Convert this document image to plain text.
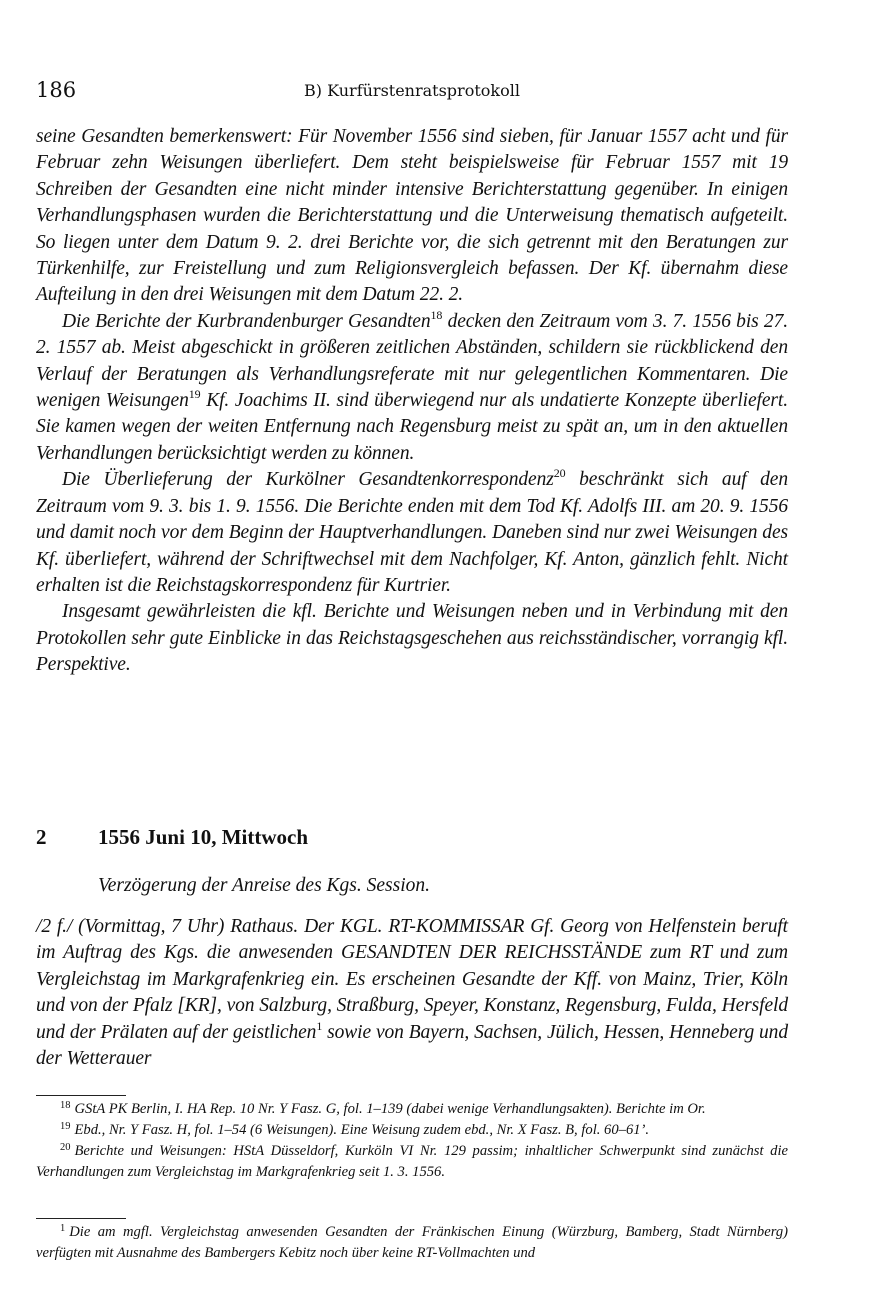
186	B) Kurfürstenratsprotokoll

seine Gesandten bemerkenswert: Für November 1556 sind sieben, für Januar 1557 acht und für Februar zehn Weisungen überliefert. Dem steht beispielsweise für Februar 1557 mit 19 Schreiben der Gesandten eine nicht minder intensive Berichterstattung gegenüber. In einigen Verhandlungsphasen wurden die Berichterstattung und die Unterweisung thematisch aufgeteilt. So liegen unter dem Datum 9. 2. drei Berichte vor, die sich getrennt mit den Beratungen zur Türkenhilfe, zur Freistellung und zum Religionsvergleich befassen. Der Kf. übernahm diese Aufteilung in den drei Weisungen mit dem Datum 22. 2.

Die Berichte der Kurbrandenburger Gesandten$^{18}$ decken den Zeitraum vom 3. 7. 1556 bis 27. 2. 1557 ab. Meist abgeschickt in größeren zeitlichen Abständen, schildern sie rückblickend den Verlauf der Beratungen als Verhandlungsreferate mit nur gelegentlichen Kommentaren. Die wenigen Weisungen$^{19}$ Kf. Joachims II. sind überwiegend nur als undatierte Konzepte überliefert. Sie kamen wegen der weiten Entfernung nach Regensburg meist zu spät an, um in den aktuellen Verhandlungen berücksichtigt werden zu können.

Die Überlieferung der Kurkölner Gesandtenkorrespondenz$^{20}$ beschränkt sich auf den Zeitraum vom 9. 3. bis 1. 9. 1556. Die Berichte enden mit dem Tod Kf. Adolfs III. am 20. 9. 1556 und damit noch vor dem Beginn der Hauptverhandlungen. Daneben sind nur zwei Weisungen des Kf. überliefert, während der Schriftwechsel mit dem Nachfolger, Kf. Anton, gänzlich fehlt. Nicht erhalten ist die Reichstagskorrespondenz für Kurtrier.

Insgesamt gewährleisten die kfl. Berichte und Weisungen neben und in Verbindung mit den Protokollen sehr gute Einblicke in das Reichstagsgeschehen aus reichsständischer, vorrangig kfl. Perspektive.

2 1556 Juni 10, Mittwoch
Verzögerung der Anreise des Kgs. Session.

/2 f./ (Vormittag, 7 Uhr) Rathaus. Der KGL. RT-KOMMISSAR Gf. Georg von Helfenstein beruft im Auftrag des Kgs. die anwesenden GESANDTEN DER REICHSSTÄNDE zum RT und zum Vergleichstag im Markgrafenkrieg ein. Es erscheinen Gesandte der Kff. von Mainz, Trier, Köln und von der Pfalz [KR], von Salzburg, Straßburg, Speyer, Konstanz, Regensburg, Fulda, Hersfeld und der Prälaten auf der geistlichen$^1$ sowie von Bayern, Sachsen, Jülich, Hessen, Henneberg und der Wetterauer

$^{18}$ GStA PK Berlin, I. HA Rep. 10 Nr. Y Fasz. G, fol. 1–139 (dabei wenige Verhandlungsakten). Berichte im Or.

$^{19}$ Ebd., Nr. Y Fasz. H, fol. 1–54 (6 Weisungen). Eine Weisung zudem ebd., Nr. X Fasz. B, fol. 60–61’.

$^{20}$ Berichte und Weisungen: HStA Düsseldorf, Kurköln VI Nr. 129 passim; inhaltlicher Schwerpunkt sind zunächst die Verhandlungen zum Vergleichstag im Markgrafenkrieg seit 1. 3. 1556.

$^1$ Die am mgfl. Vergleichstag anwesenden Gesandten der Fränkischen Einung (Würzburg, Bamberg, Stadt Nürnberg) verfügten mit Ausnahme des Bambergers Kebitz noch über keine RT-Vollmachten und
